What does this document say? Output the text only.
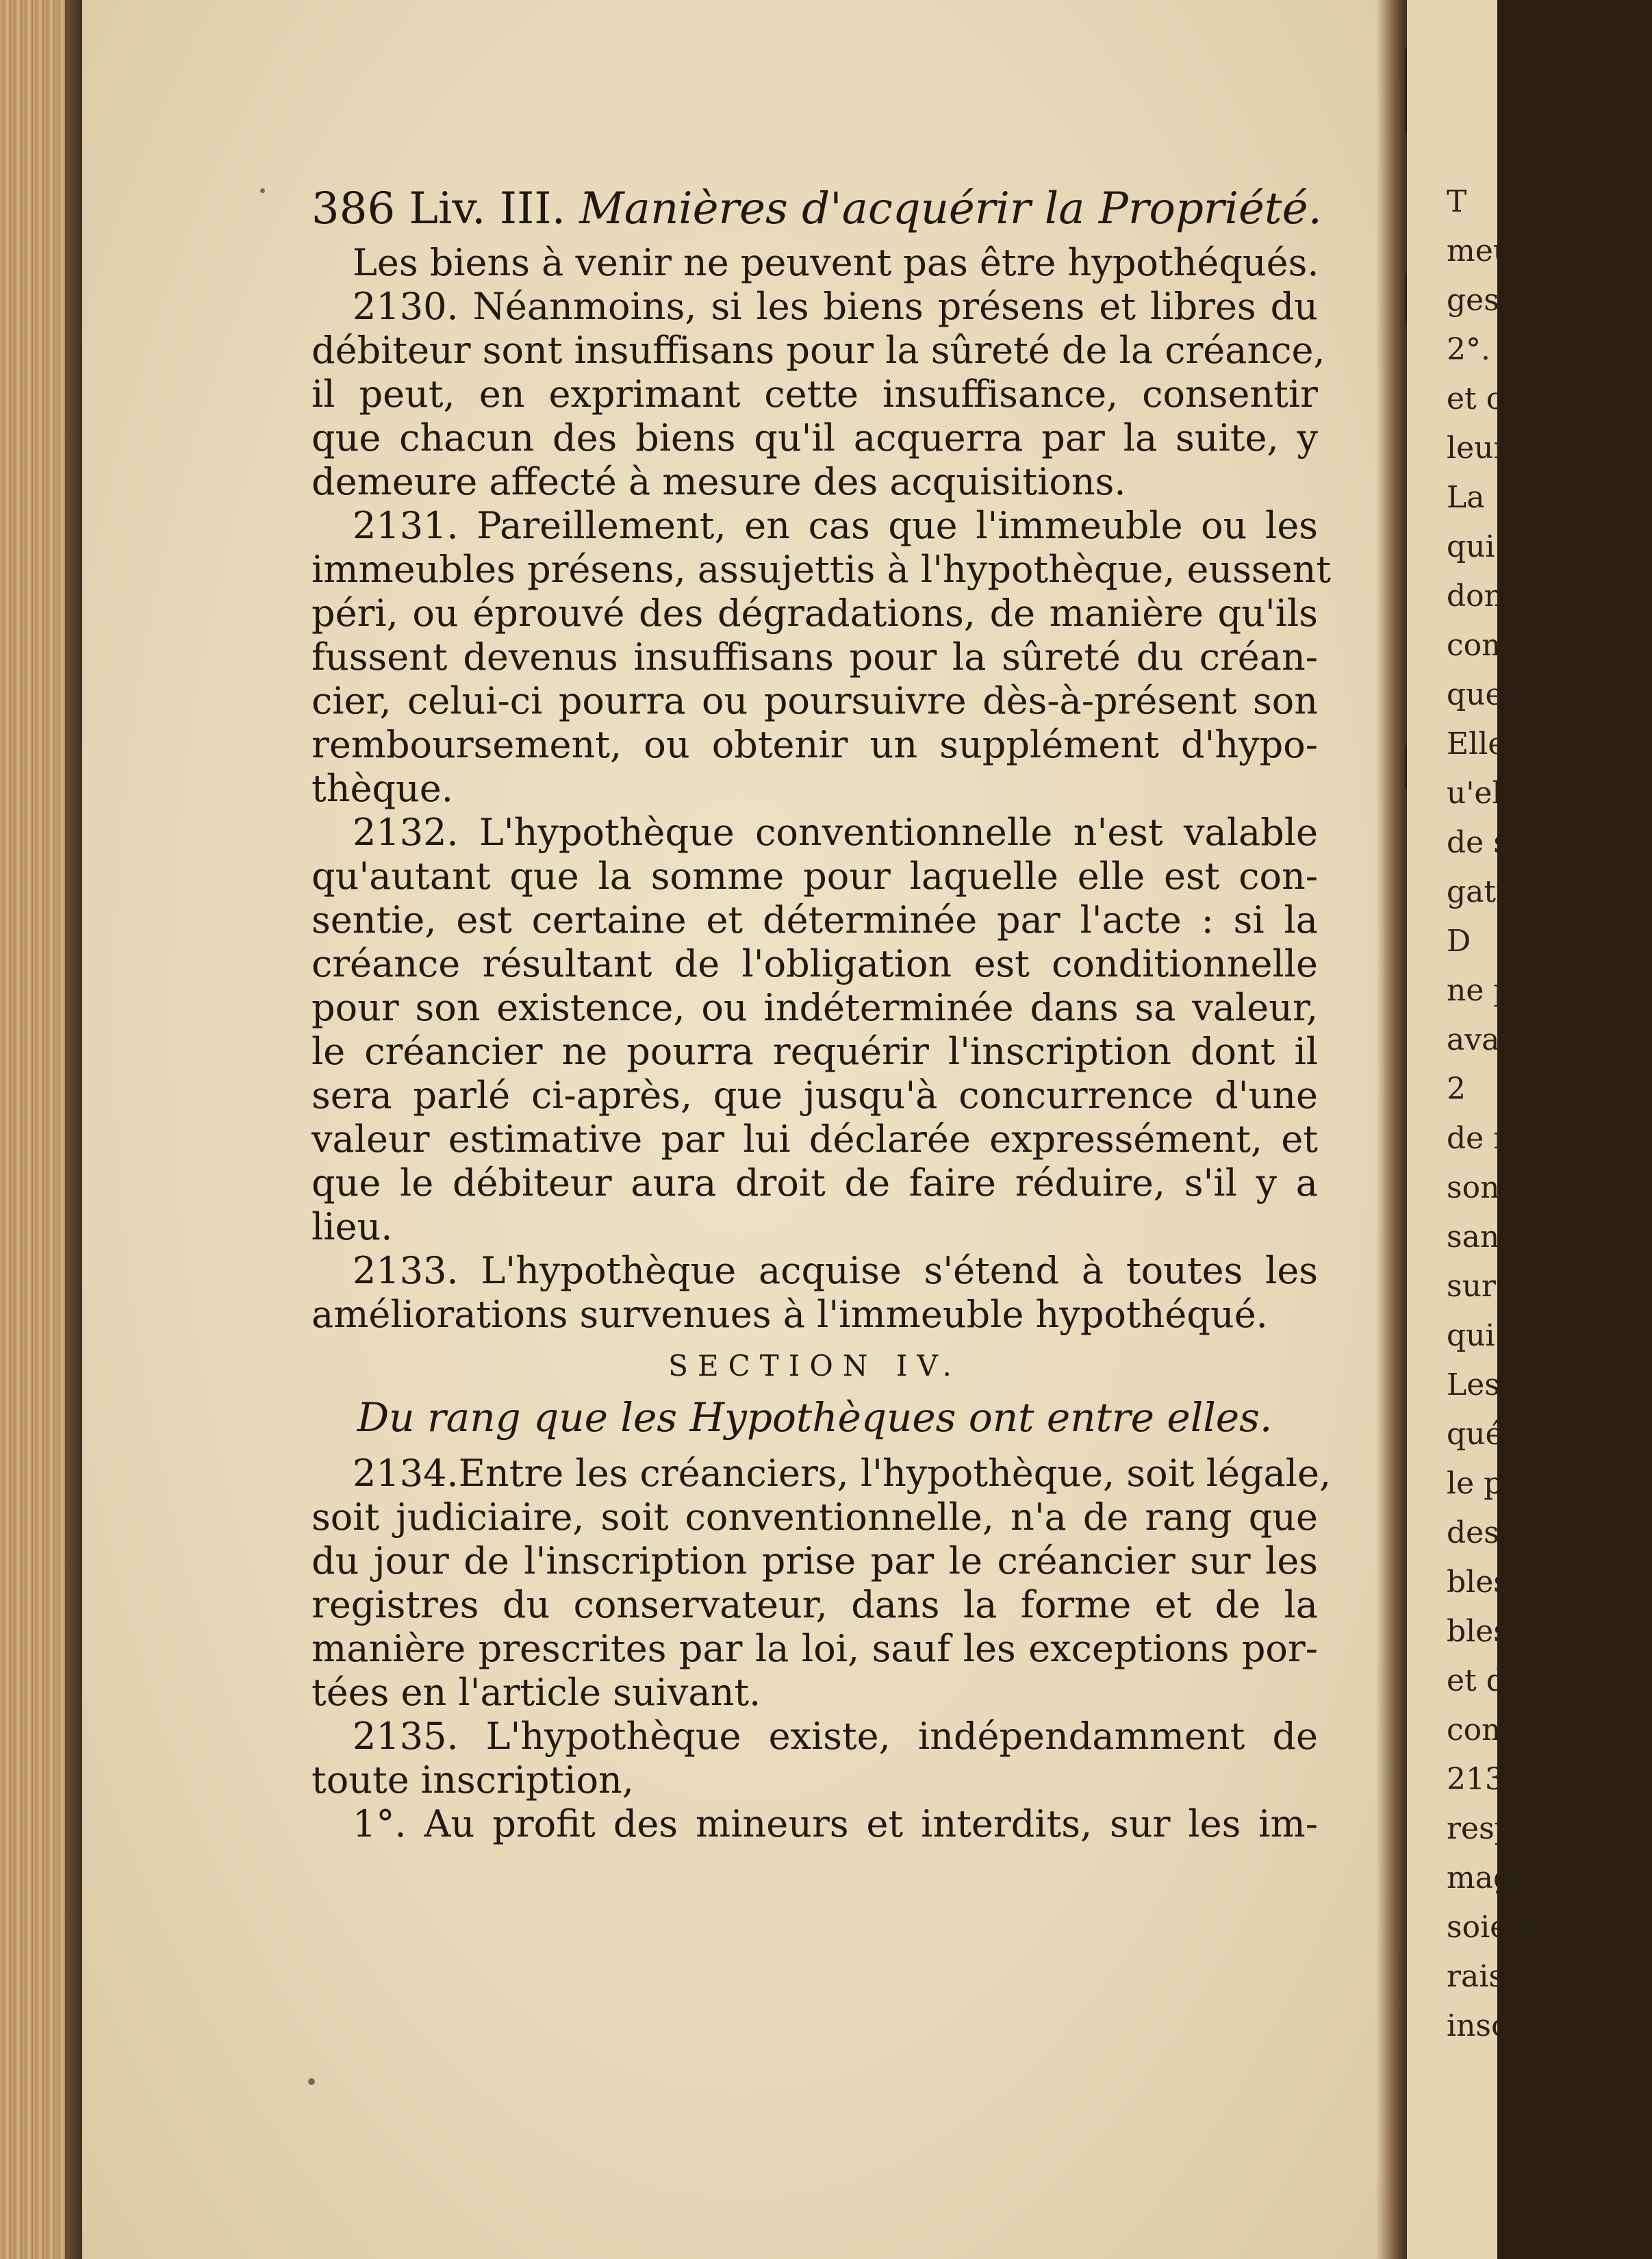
T
meub
gestio
2°.
et con
leur n
La
qui p
donat
compt
que le
Elle
u'elle
de ses
gatio
D
ne p
avar
2
de r
sont
sans
sur le
qui p
Les
quéri
le pré
des p
bles,
bles é
et de
comm
213
respor
mages
soient
raison
inscri
386 Liv. III. Manières d'acquérir la Propriété.
Les biens à venir ne peuvent pas être hypothéqués.
2130. Néanmoins, si les biens présens et libres du
débiteur sont insuffisans pour la sûreté de la créance,
il peut, en exprimant cette insuffisance, consentir
que chacun des biens qu'il acquerra par la suite, y
demeure affecté à mesure des acquisitions.
2131. Pareillement, en cas que l'immeuble ou les
immeubles présens, assujettis à l'hypothèque, eussent
péri, ou éprouvé des dégradations, de manière qu'ils
fussent devenus insuffisans pour la sûreté du créan-
cier, celui-ci pourra ou poursuivre dès-à-présent son
remboursement, ou obtenir un supplément d'hypo-
thèque.
2132. L'hypothèque conventionnelle n'est valable
qu'autant que la somme pour laquelle elle est con-
sentie, est certaine et déterminée par l'acte : si la
créance résultant de l'obligation est conditionnelle
pour son existence, ou indéterminée dans sa valeur,
le créancier ne pourra requérir l'inscription dont il
sera parlé ci-après, que jusqu'à concurrence d'une
valeur estimative par lui déclarée expressément, et
que le débiteur aura droit de faire réduire, s'il y a
lieu.
2133. L'hypothèque acquise s'étend à toutes les
améliorations survenues à l'immeuble hypothéqué.
SECTION IV.
Du rang que les Hypothèques ont entre elles.
2134.Entre les créanciers, l'hypothèque, soit légale,
soit judiciaire, soit conventionnelle, n'a de rang que
du jour de l'inscription prise par le créancier sur les
registres du conservateur, dans la forme et de la
manière prescrites par la loi, sauf les exceptions por-
tées en l'article suivant.
2135. L'hypothèque existe, indépendamment de
toute inscription,
1°. Au profit des mineurs et interdits, sur les im-
